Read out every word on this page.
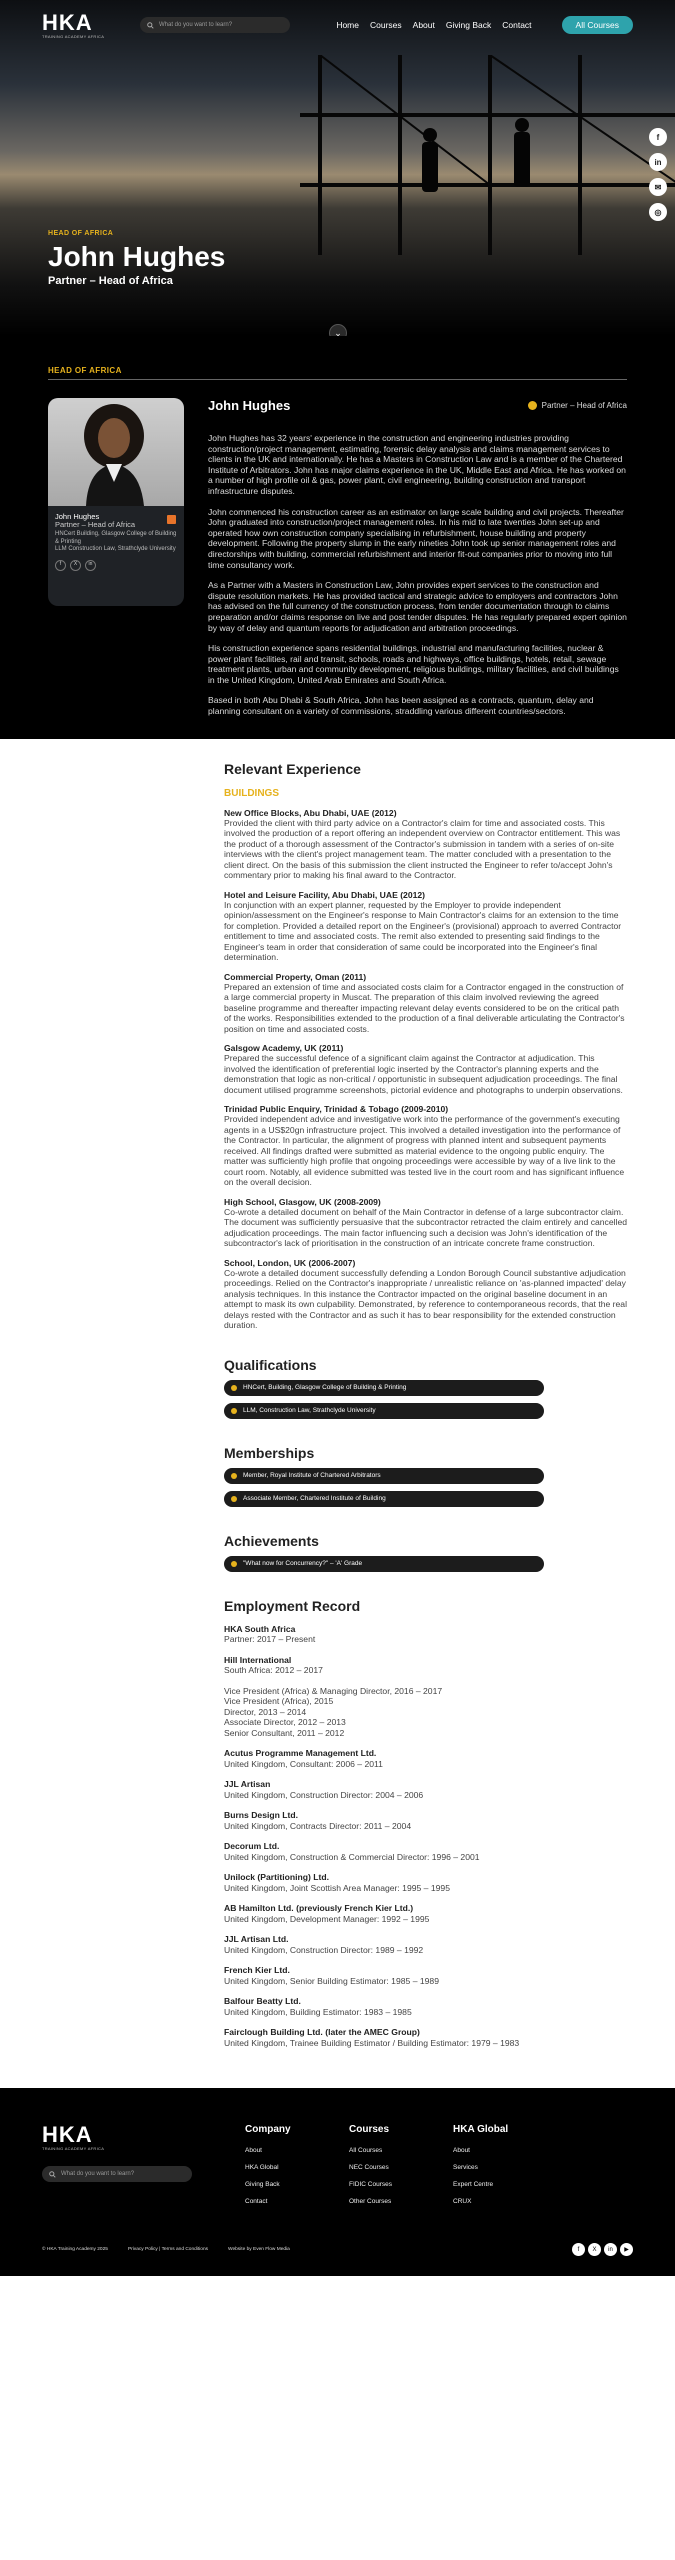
HKA
TRAINING ACADEMY AFRICA
What do you want to learn?	Home Courses About Giving Back Contact	All Courses
HEAD OF AFRICA
John Hughes
Partner – Head of Africa
f
in
✉
◎
⌄
HEAD OF AFRICA
John Hughes
Partner – Head of Africa
HNCert Building, Glasgow College of Building & Printing
LLM Construction Law, Strathclyde University
f	X	in
John Hughes	Partner – Head of Africa

John Hughes has 32 years' experience in the construction and engineering industries providing construction/project management, estimating, forensic delay analysis and claims management services to clients in the UK and internationally. He has a Masters in Construction Law and is a member of the Chartered Institute of Arbitrators. John has major claims experience in the UK, Middle East and Africa. He has worked on a number of high profile oil & gas, power plant, civil engineering, building construction and transport infrastructure disputes.

John commenced his construction career as an estimator on large scale building and civil projects. Thereafter John graduated into construction/project management roles. In his mid to late twenties John set-up and operated how own construction company specialising in refurbishment, house building and property development. Following the property slump in the early nineties John took up senior management roles and directorships with building, commercial refurbishment and interior fit-out companies prior to moving into full time consultancy work.

As a Partner with a Masters in Construction Law, John provides expert services to the construction and dispute resolution markets. He has provided tactical and strategic advice to employers and contractors John has advised on the full currency of the construction process, from tender documentation through to claims preparation and/or claims response on live and post tender disputes. He has regularly prepared expert opinion by way of delay and quantum reports for adjudication and arbitration proceedings.

His construction experience spans residential buildings, industrial and manufacturing facilities, nuclear & power plant facilities, rail and transit, schools, roads and highways, office buildings, hotels, retail, sewage treatment plants, urban and community development, religious buildings, military facilities, and civil buildings in the United Kingdom, United Arab Emirates and South Africa.

Based in both Abu Dhabi & South Africa, John has been assigned as a contracts, quantum, delay and planning consultant on a variety of commissions, straddling various different countries/sectors.

Relevant Experience
BUILDINGS
New Office Blocks, Abu Dhabi, UAE (2012)

Provided the client with third party advice on a Contractor's claim for time and associated costs. This involved the production of a report offering an independent overview on Contractor entitlement. This was the product of a thorough assessment of the Contractor's submission in tandem with a series of on-site interviews with the client's project management team. The matter concluded with a presentation to the client direct. On the basis of this submission the client instructed the Engineer to refer to/accept John's commentary prior to making his final award to the Contractor.

Hotel and Leisure Facility, Abu Dhabi, UAE (2012)

In conjunction with an expert planner, requested by the Employer to provide independent opinion/assessment on the Engineer's response to Main Contractor's claims for an extension to the time for completion. Provided a detailed report on the Engineer's (provisional) approach to averred Contractor entitlement to time and associated costs. The remit also extended to presenting said findings to the Engineer's team in order that consideration of same could be incorporated into the Engineer's final determination.

Commercial Property, Oman (2011)

Prepared an extension of time and associated costs claim for a Contractor engaged in the construction of a large commercial property in Muscat. The preparation of this claim involved reviewing the agreed baseline programme and thereafter impacting relevant delay events considered to be on the critical path of the works. Responsibilities extended to the production of a final deliverable articulating the Contractor's position on time and associated costs.

Galsgow Academy, UK (2011)

Prepared the successful defence of a significant claim against the Contractor at adjudication. This involved the identification of preferential logic inserted by the Contractor's planning experts and the demonstration that logic as non-critical / opportunistic in subsequent adjudication proceedings. The final document utilised programme screenshots, pictorial evidence and photographs to underpin observations.

Trinidad Public Enquiry, Trinidad & Tobago (2009-2010)

Provided independent advice and investigative work into the performance of the government's executing agents in a US$20gn infrastructure project. This involved a detailed investigation into the performance of the Contractor. In particular, the alignment of progress with planned intent and subsequent payments received. All findings drafted were submitted as material evidence to the ongoing public enquiry. The matter was sufficiently high profile that ongoing proceedings were accessible by way of a live link to the court room. Notably, all evidence submitted was tested live in the court room and has significant influence on the overall decision.

High School, Glasgow, UK (2008-2009)

Co-wrote a detailed document on behalf of the Main Contractor in defense of a large subcontractor claim. The document was sufficiently persuasive that the subcontractor retracted the claim entirely and cancelled adjudication proceedings. The main factor influencing such a decision was John's identification of the subcontractor's lack of prioritisation in the construction of an intricate concrete frame construction.

School, London, UK (2006-2007)

Co-wrote a detailed document successfully defending a London Borough Council substantive adjudication proceedings. Relied on the Contractor's inappropriate / unrealistic reliance on 'as-planned impacted' delay analysis techniques. In this instance the Contractor impacted on the original baseline document in an attempt to mask its own culpability. Demonstrated, by reference to contemporaneous records, that the real delays rested with the Contractor and as such it has to bear responsibility for the extended construction duration.

Qualifications
HNCert, Building, Glasgow College of Building & Printing
LLM, Construction Law, Strathclyde University
Memberships
Member, Royal Institute of Chartered Arbitrators
Associate Member, Chartered Institute of Building
Achievements
"What now for Concurrency?" – 'A' Grade
Employment Record
HKA South Africa
Partner: 2017 – Present
Hill International
South Africa: 2012 – 2017
Vice President (Africa) & Managing Director, 2016 – 2017
Vice President (Africa), 2015
Director, 2013 – 2014
Associate Director, 2012 – 2013
Senior Consultant, 2011 – 2012
Acutus Programme Management Ltd.
United Kingdom, Consultant: 2006 – 2011
JJL Artisan
United Kingdom, Construction Director: 2004 – 2006
Burns Design Ltd.
United Kingdom, Contracts Director: 2011 – 2004
Decorum Ltd.
United Kingdom, Construction & Commercial Director: 1996 – 2001
Unilock (Partitioning) Ltd.
United Kingdom, Joint Scottish Area Manager: 1995 – 1995
AB Hamilton Ltd. (previously French Kier Ltd.)
United Kingdom, Development Manager: 1992 – 1995
JJL Artisan Ltd.
United Kingdom, Construction Director: 1989 – 1992
French Kier Ltd.
United Kingdom, Senior Building Estimator: 1985 – 1989
Balfour Beatty Ltd.
United Kingdom, Building Estimator: 1983 – 1985
Fairclough Building Ltd. (later the AMEC Group)
United Kingdom, Trainee Building Estimator / Building Estimator: 1979 – 1983
HKA
TRAINING ACADEMY AFRICA
What do you want to learn?
Company
About
HKA Global
Giving Back
Contact
Courses
All Courses
NEC Courses
FIDIC Courses
Other Courses
HKA Global
About
Services
Expert Centre
CRUX
© HKA Training Academy 2025	Privacy Policy | Terms and Conditions	Website by Even Flow Media	f	X	in	▶
